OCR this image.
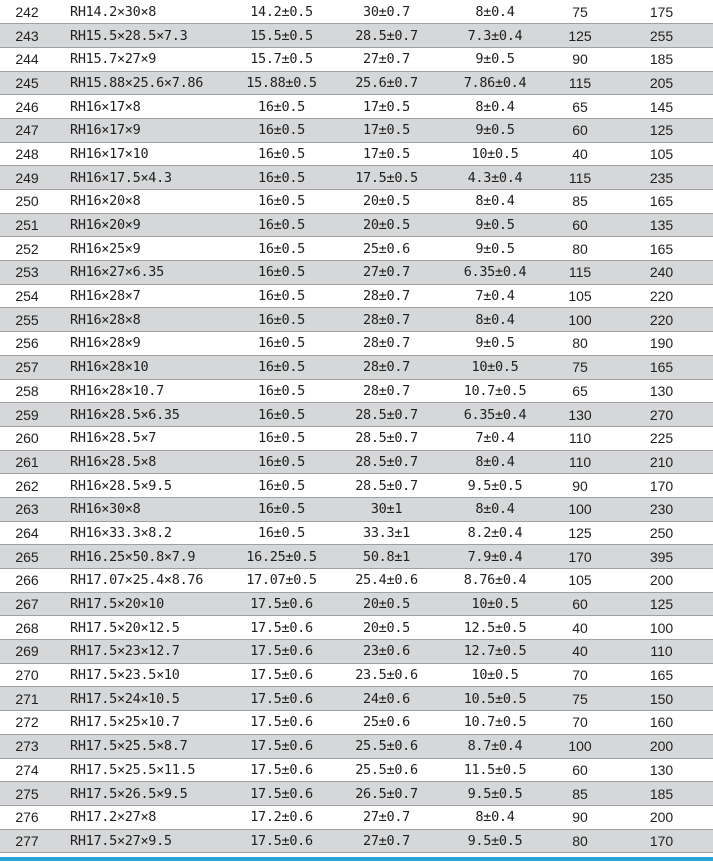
242	RH14.2×30×8	14.2±0.5	30±0.7	8±0.4	75	175
243	RH15.5×28.5×7.3	15.5±0.5	28.5±0.7	7.3±0.4	125	255
244	RH15.7×27×9	15.7±0.5	27±0.7	9±0.5	90	185
245	RH15.88×25.6×7.86	15.88±0.5	25.6±0.7	7.86±0.4	115	205
246	RH16×17×8	16±0.5	17±0.5	8±0.4	65	145
247	RH16×17×9	16±0.5	17±0.5	9±0.5	60	125
248	RH16×17×10	16±0.5	17±0.5	10±0.5	40	105
249	RH16×17.5×4.3	16±0.5	17.5±0.5	4.3±0.4	115	235
250	RH16×20×8	16±0.5	20±0.5	8±0.4	85	165
251	RH16×20×9	16±0.5	20±0.5	9±0.5	60	135
252	RH16×25×9	16±0.5	25±0.6	9±0.5	80	165
253	RH16×27×6.35	16±0.5	27±0.7	6.35±0.4	115	240
254	RH16×28×7	16±0.5	28±0.7	7±0.4	105	220
255	RH16×28×8	16±0.5	28±0.7	8±0.4	100	220
256	RH16×28×9	16±0.5	28±0.7	9±0.5	80	190
257	RH16×28×10	16±0.5	28±0.7	10±0.5	75	165
258	RH16×28×10.7	16±0.5	28±0.7	10.7±0.5	65	130
259	RH16×28.5×6.35	16±0.5	28.5±0.7	6.35±0.4	130	270
260	RH16×28.5×7	16±0.5	28.5±0.7	7±0.4	110	225
261	RH16×28.5×8	16±0.5	28.5±0.7	8±0.4	110	210
262	RH16×28.5×9.5	16±0.5	28.5±0.7	9.5±0.5	90	170
263	RH16×30×8	16±0.5	30±1	8±0.4	100	230
264	RH16×33.3×8.2	16±0.5	33.3±1	8.2±0.4	125	250
265	RH16.25×50.8×7.9	16.25±0.5	50.8±1	7.9±0.4	170	395
266	RH17.07×25.4×8.76	17.07±0.5	25.4±0.6	8.76±0.4	105	200
267	RH17.5×20×10	17.5±0.6	20±0.5	10±0.5	60	125
268	RH17.5×20×12.5	17.5±0.6	20±0.5	12.5±0.5	40	100
269	RH17.5×23×12.7	17.5±0.6	23±0.6	12.7±0.5	40	110
270	RH17.5×23.5×10	17.5±0.6	23.5±0.6	10±0.5	70	165
271	RH17.5×24×10.5	17.5±0.6	24±0.6	10.5±0.5	75	150
272	RH17.5×25×10.7	17.5±0.6	25±0.6	10.7±0.5	70	160
273	RH17.5×25.5×8.7	17.5±0.6	25.5±0.6	8.7±0.4	100	200
274	RH17.5×25.5×11.5	17.5±0.6	25.5±0.6	11.5±0.5	60	130
275	RH17.5×26.5×9.5	17.5±0.6	26.5±0.7	9.5±0.5	85	185
276	RH17.2×27×8	17.2±0.6	27±0.7	8±0.4	90	200
277	RH17.5×27×9.5	17.5±0.6	27±0.7	9.5±0.5	80	170
